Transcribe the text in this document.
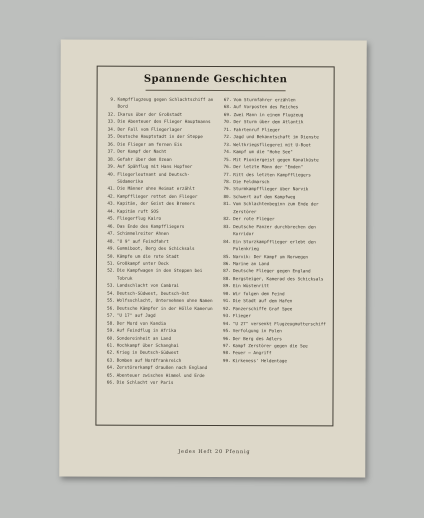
Spannende Geschichten
9. Kampfflugzeug gegen Schlachtschiff an Bord
32. Ikarus über der Großstadt
33. Die Abenteuer des Flieger Hauptmanns
34. Der Fall vom Fliegerlager
35. Deutsche Hauptstadt in der Steppe
36. Die Flieger am fernen Eis
37. Der Kampf der Nacht
38. Gefahr über dem Ozean
39. Auf Spähflug mit Hans Hopfner
40. Fliegerleutnant und Deutsch-Südamerika
41. Die Männer ohne Heimat erzählt
42. Kampfflieger rettet den Flieger
43. Kapitän, der Geist des Bremers
44. Kapitän ruft SOS
45. Fliegerflug Kairo
46. Das Ende des Kampffliegers
47. Schimmelreiter Ahnen
48. "U 9" auf Feindfahrt
49. Gummiboot, Berg des Schicksals
50. Kämpfe um die rote Stadt
51. Großkampf unter Deck
52. Die Kampfwagen in den Steppen bei Tobruk
53. Landschlacht von Cambrai
54. Deutsch-Südwest, Deutsch-Ost
55. Wolfsschlacht, Unternehmen ohne Namen
56. Deutsche Kämpfer in der Hölle Kamerun
57. "U 17" auf Jagd
58. Der Mord von Kandia
59. Auf Feindflug in Afrika
60. Sondereinheit an Land
61. Hochkampf über Schanghai
62. Krieg in Deutsch-Südwest
63. Bomben auf Nordfrankreich
64. Zerstörerkampf draußen nach England
65. Abenteuer zwischen Himmel und Erde
66. Die Schlacht vor Paris
67. Vom Sturmfahrer erzählen
68. Auf Vorposten des Reiches
69. Zwei Mann in einem Flugzeug
70. Der Sturm über dem Atlantik
71. Fahrtenruf Flieger
72. Jagd und Bekanntschaft im Dienste
73. Weltkriegsfliegerei mit U-Boot
74. Kampf um die "Hohe See"
75. Mit Pioniergeist gegen Kanalküste
76. Der letzte Mann der "Emden"
77. Ritt des letzten Kampffliegers
78. Die Feldmarsch
79. Sturmkampfflieger über Narvik
80. Schwert auf dem Kampfweg
81. Vom Schlachtenbeginn zum Ende der Zerstörer
82. Der rote Flieger
83. Deutsche Panzer durchbrechen den Korridor
84. Ein Sturzkampfflieger erlebt den Polenkrieg
85. Narvik: Der Kampf um Norwegen
86. Marine an Land
87. Deutsche Flieger gegen England
88. Bergsteiger, Kamerad des Schicksals
89. Ein Wüstenritt
90. Wir folgen dem Feind
91. Die Stadt auf dem Hafen
92. Panzerschiffe Graf Spee
93. Flieger
94. "U 27" versenkt Flugzeugmutterschiff
95. Verfolgung in Polen
96. Der Berg des Adlers
97. Kampf Zerstörer gegen die See
98. Feuer — Angriff
99. Kirkeness' Heldentage
Jedes Heft 20 Pfennig
